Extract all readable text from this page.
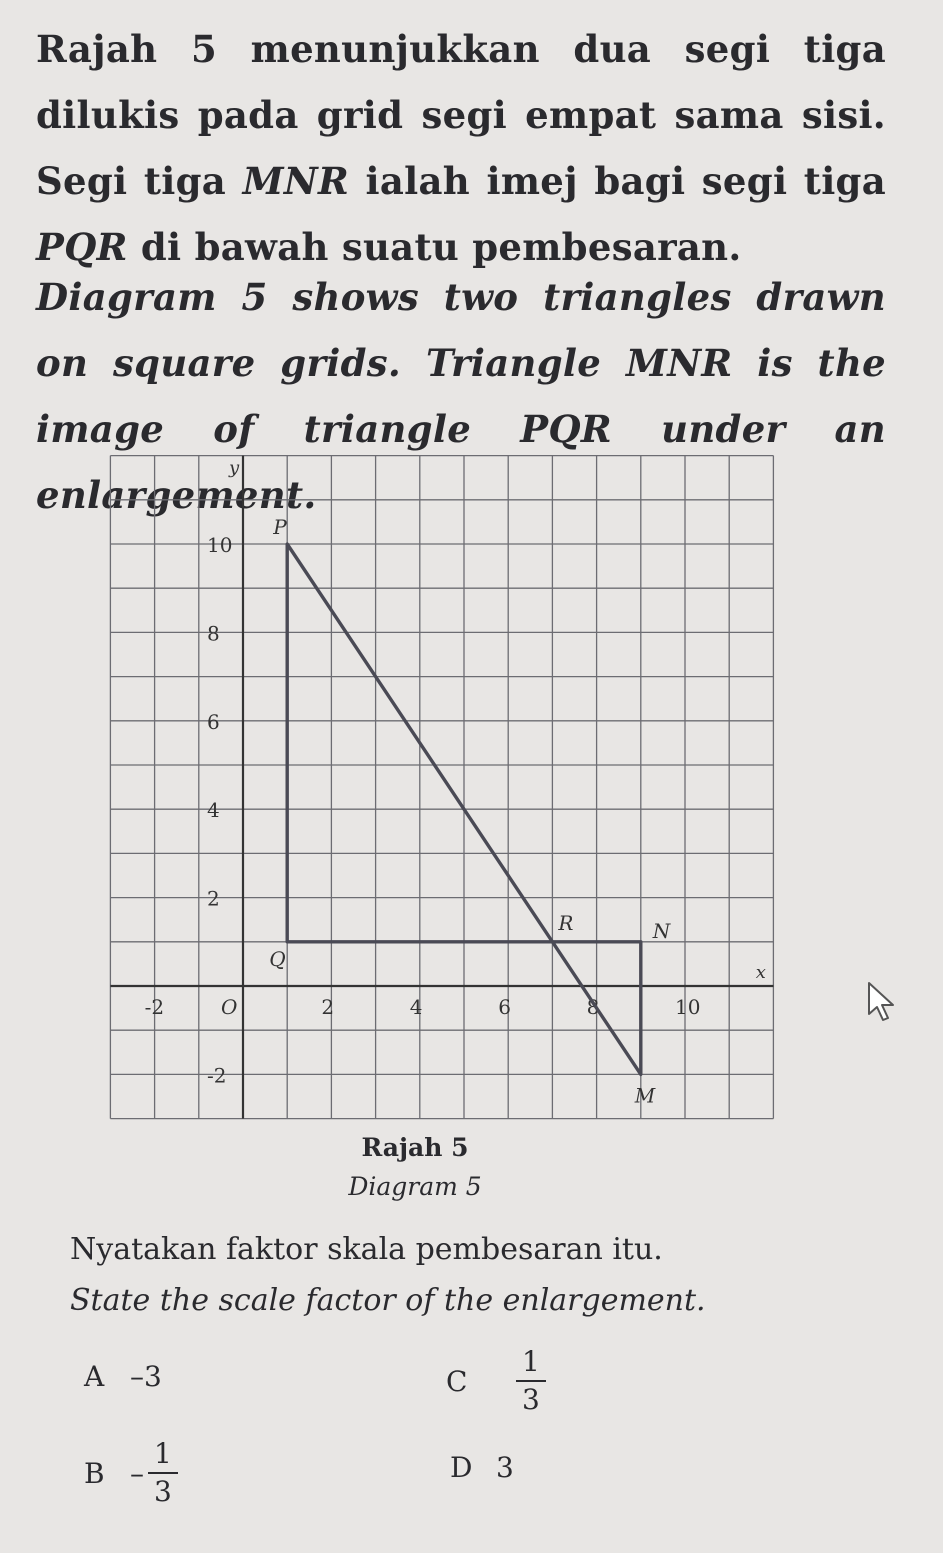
Rajah 5 menunjukkan dua segi tiga dilukis pada grid segi empat sama sisi. Segi tiga MNR ialah imej bagi segi tiga PQR di bawah suatu pembesaran.
Diagram 5 shows two triangles drawn on square grids. Triangle MNR is the image of triangle PQR under an enlargement.
x
y
-2	2	4	6	8	10
10
8
6
4
2
-2
O
P
Q
R
M
N
Rajah 5
Diagram 5
Nyatakan faktor skala pembesaran itu.
State the scale factor of the enlargement.
A –3
B – $\frac{1}{3}$
C	$\frac{1}{3}$
D 3
